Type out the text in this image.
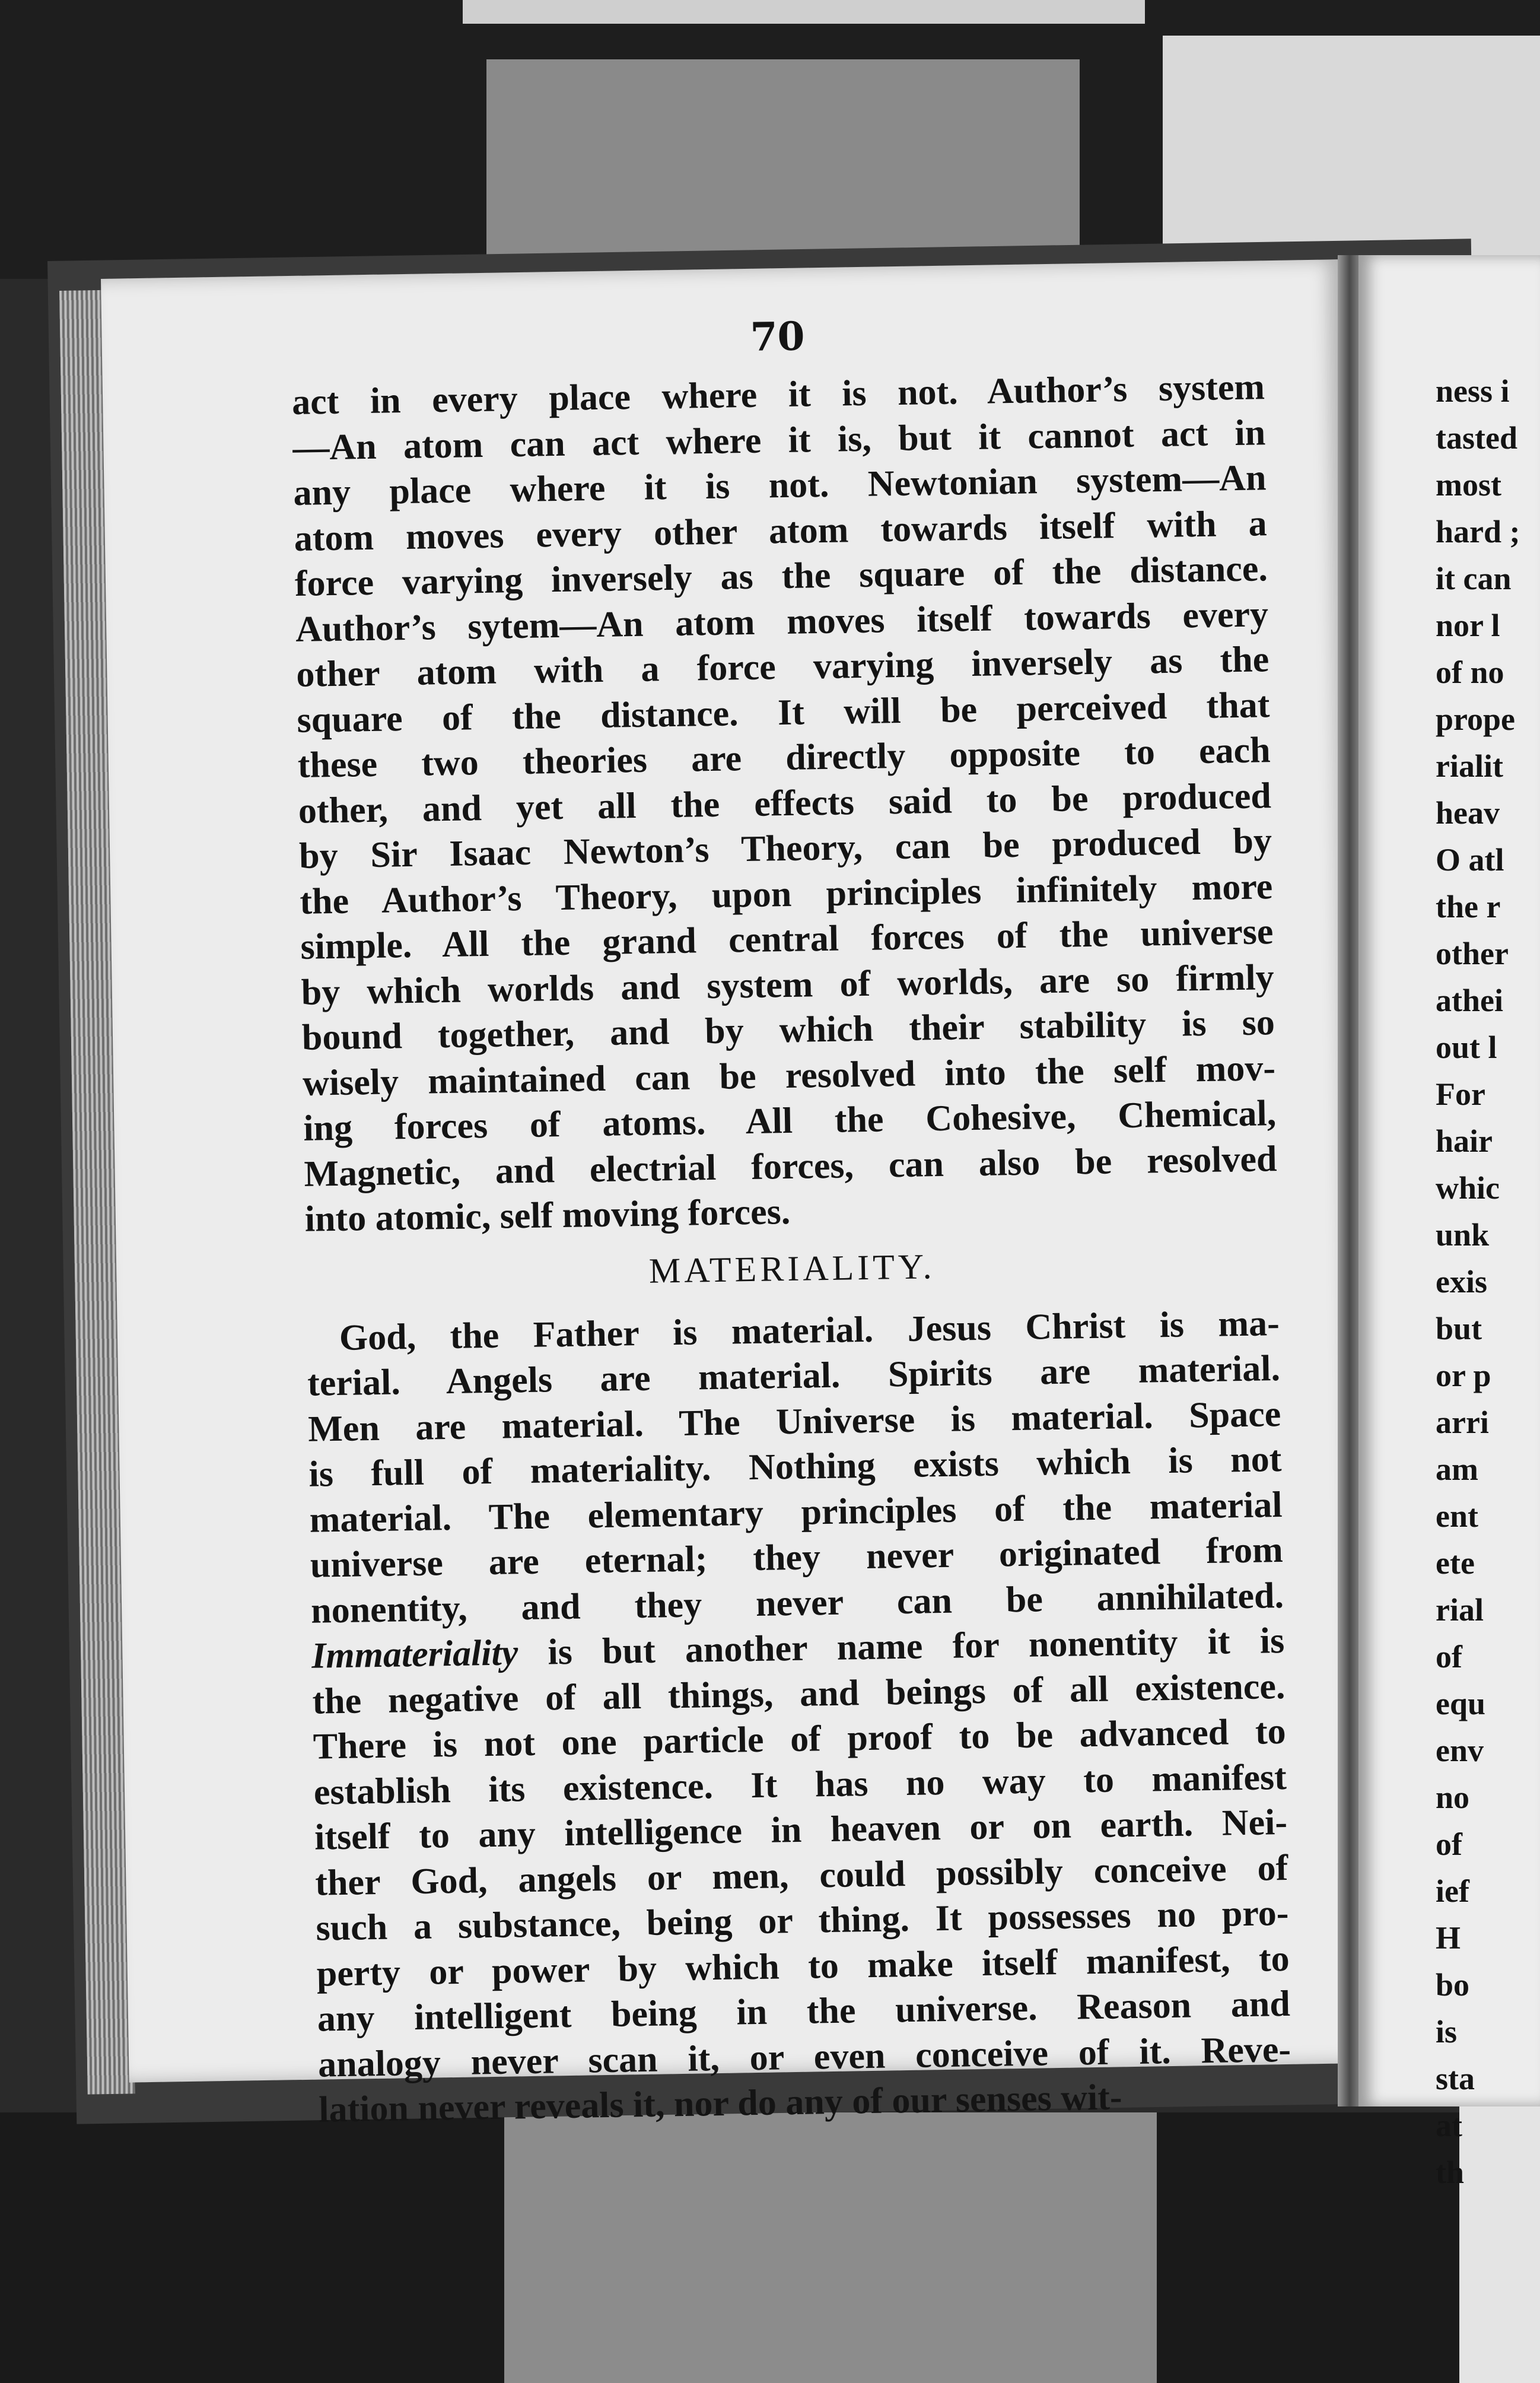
70
act in every place where it is not. Author’s system
—An atom can act where it is, but it cannot act in
any place where it is not. Newtonian system—An
atom moves every other atom towards itself with a
force varying inversely as the square of the distance.
Author’s sytem—An atom moves itself towards every
other atom with a force varying inversely as the
square of the distance. It will be perceived that
these two theories are directly opposite to each
other, and yet all the effects said to be produced
by Sir Isaac Newton’s Theory, can be produced by
the Author’s Theory, upon principles infinitely more
simple. All the grand central forces of the universe
by which worlds and system of worlds, are so firmly
bound together, and by which their stability is so
wisely maintained can be resolved into the self mov-
ing forces of atoms. All the Cohesive, Chemical,
Magnetic, and electrial forces, can also be resolved
into atomic, self moving forces.
MATERIALITY.
God, the Father is material. Jesus Christ is ma-
terial. Angels are material. Spirits are material.
Men are material. The Universe is material. Space
is full of materiality. Nothing exists which is not
material. The elementary principles of the material
universe are eternal; they never originated from
nonentity, and they never can be annihilated.
Immateriality is but another name for nonentity it is
the negative of all things, and beings of all existence.
There is not one particle of proof to be advanced to
establish its existence. It has no way to manifest
itself to any intelligence in heaven or on earth. Nei-
ther God, angels or men, could possibly conceive of
such a substance, being or thing. It possesses no pro-
perty or power by which to make itself manifest, to
any intelligent being in the universe. Reason and
analogy never scan it, or even conceive of it. Reve-
lation never reveals it, nor do any of our senses wit-
ness i
tasted
most
hard ;
it can
nor l
of no
prope
rialit
heav
O atl
the r
other
athei
out l
For
hair
whic
unk
exis
but
or p
arri
am
ent
ete
rial
of
equ
env
no
of
ief
H
bo
is
sta
at
th
